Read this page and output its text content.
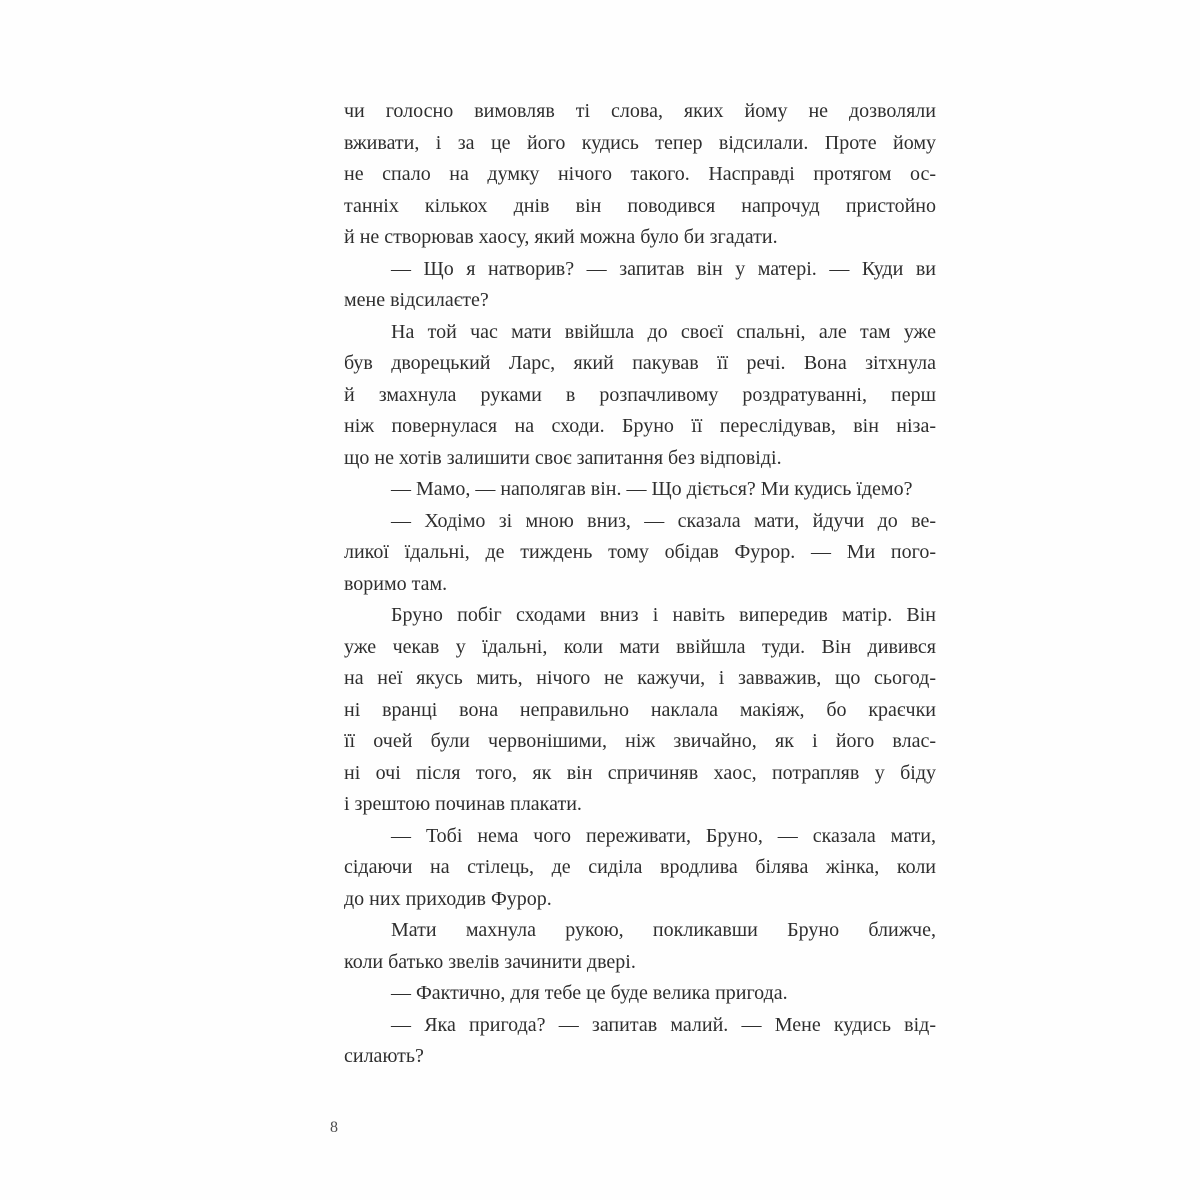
чи голосно вимовляв ті слова, яких йому не дозволяли
вживати, і за це його кудись тепер відсилали. Проте йому
не спало на думку нічого такого. Насправді протягом ос-
танніх кількох днів він поводився напрочуд пристойно
й не створював хаосу, який можна було би згадати.
— Що я натворив? — запитав він у матері. — Куди ви
мене відсилаєте?
На той час мати ввійшла до своєї спальні, але там уже
був дворецький Ларс, який пакував її речі. Вона зітхнула
й змахнула руками в розпачливому роздратуванні, перш
ніж повернулася на сходи. Бруно її переслідував, він ніза-
що не хотів залишити своє запитання без відповіді.
— Мамо, — наполягав він. — Що діється? Ми кудись їдемо?
— Ходімо зі мною вниз, — сказала мати, йдучи до ве-
ликої їдальні, де тиждень тому обідав Фурор. — Ми пого-
воримо там.
Бруно побіг сходами вниз і навіть випередив матір. Він
уже чекав у їдальні, коли мати ввійшла туди. Він дивився
на неї якусь мить, нічого не кажучи, і завважив, що сьогод-
ні вранці вона неправильно наклала макіяж, бо краєчки
її очей були червонішими, ніж звичайно, як і його влас-
ні очі після того, як він спричиняв хаос, потрапляв у біду
і зрештою починав плакати.
— Тобі нема чого переживати, Бруно, — сказала мати,
сідаючи на стілець, де сиділа вродлива білява жінка, коли
до них приходив Фурор.
Мати махнула рукою, покликавши Бруно ближче,
коли батько звелів зачинити двері.
— Фактично, для тебе це буде велика пригода.
— Яка пригода? — запитав малий. — Мене кудись від-
силають?
8
